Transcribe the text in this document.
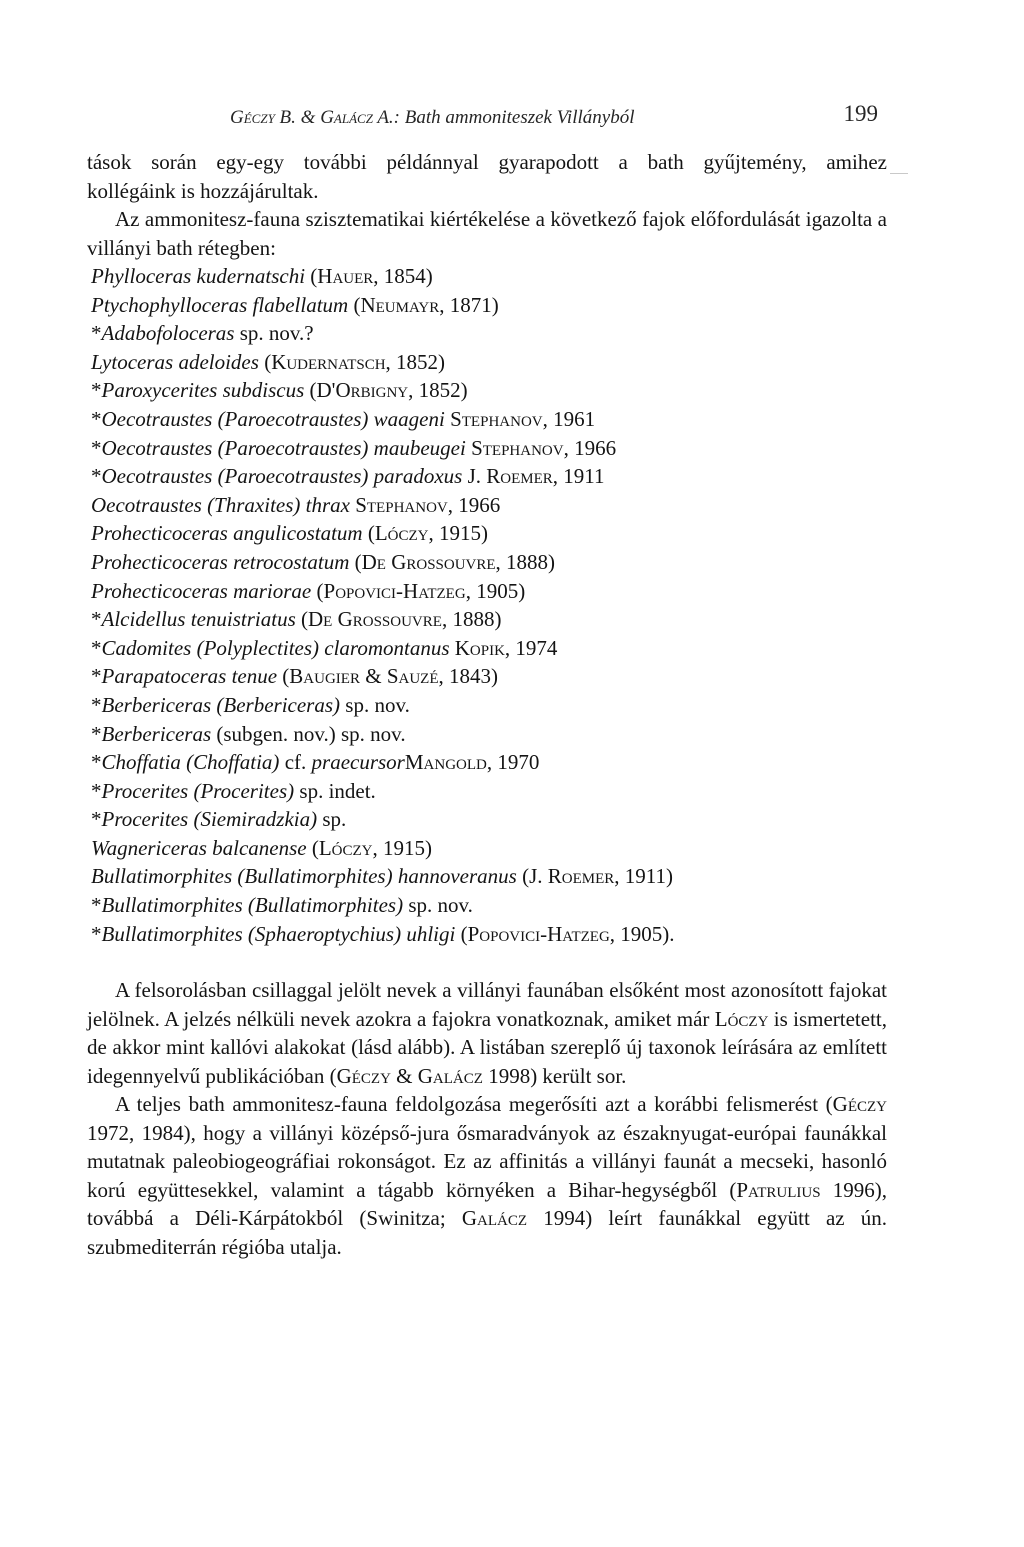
Géczy B. & Galácz A.: Bath ammoniteszek Villányból	199

tások során egy-egy további példánnyal gyarapodott a bath gyűjtemény, amihez

kollégáink is hozzájárultak.

Az ammonitesz-fauna szisztematikai kiértékelése a következő fajok előfordulását igazolta a villányi bath rétegben:

Phylloceras kudernatschi (Hauer, 1854)
Ptychophylloceras flabellatum (Neumayr, 1871)
*Adabofoloceras sp. nov.?
Lytoceras adeloides (Kudernatsch, 1852)
*Paroxycerites subdiscus (D'Orbigny, 1852)
*Oecotraustes (Paroecotraustes) waageni Stephanov, 1961
*Oecotraustes (Paroecotraustes) maubeugei Stephanov, 1966
*Oecotraustes (Paroecotraustes) paradoxus J. Roemer, 1911
Oecotraustes (Thraxites) thrax Stephanov, 1966
Prohecticoceras angulicostatum (Lóczy, 1915)
Prohecticoceras retrocostatum (De Grossouvre, 1888)
Prohecticoceras mariorae (Popovici-Hatzeg, 1905)
*Alcidellus tenuistriatus (De Grossouvre, 1888)
*Cadomites (Polyplectites) claromontanus Kopik, 1974
*Parapatoceras tenue (Baugier & Sauzé, 1843)
*Berbericeras (Berbericeras) sp. nov.
*Berbericeras (subgen. nov.) sp. nov.
*Choffatia (Choffatia) cf. praecursorMangold, 1970
*Procerites (Procerites) sp. indet.
*Procerites (Siemiradzkia) sp.
Wagnericeras balcanense (Lóczy, 1915)
Bullatimorphites (Bullatimorphites) hannoveranus (J. Roemer, 1911)
*Bullatimorphites (Bullatimorphites) sp. nov.
*Bullatimorphites (Sphaeroptychius) uhligi (Popovici-Hatzeg, 1905).

A felsorolásban csillaggal jelölt nevek a villányi faunában elsőként most azonosított fajokat jelölnek. A jelzés nélküli nevek azokra a fajokra vonatkoznak, amiket már Lóczy is ismertetett, de akkor mint kallóvi alakokat (lásd alább). A listában szereplő új taxonok leírására az említett idegennyelvű publikációban (Géczy & Galácz 1998) került sor.

A teljes bath ammonitesz-fauna feldolgozása megerősíti azt a korábbi felismerést (Géczy 1972, 1984), hogy a villányi középső-jura ősmaradványok az északnyugat-európai faunákkal mutatnak paleobiogeográfiai rokonságot. Ez az affinitás a villányi faunát a mecseki, hasonló korú együttesekkel, valamint a tágabb környéken a Bihar-hegységből (Patrulius 1996), továbbá a Déli-Kárpátokból (Swinitza; Galácz 1994) leírt faunákkal együtt az ún. szubmediterrán régióba utalja.
